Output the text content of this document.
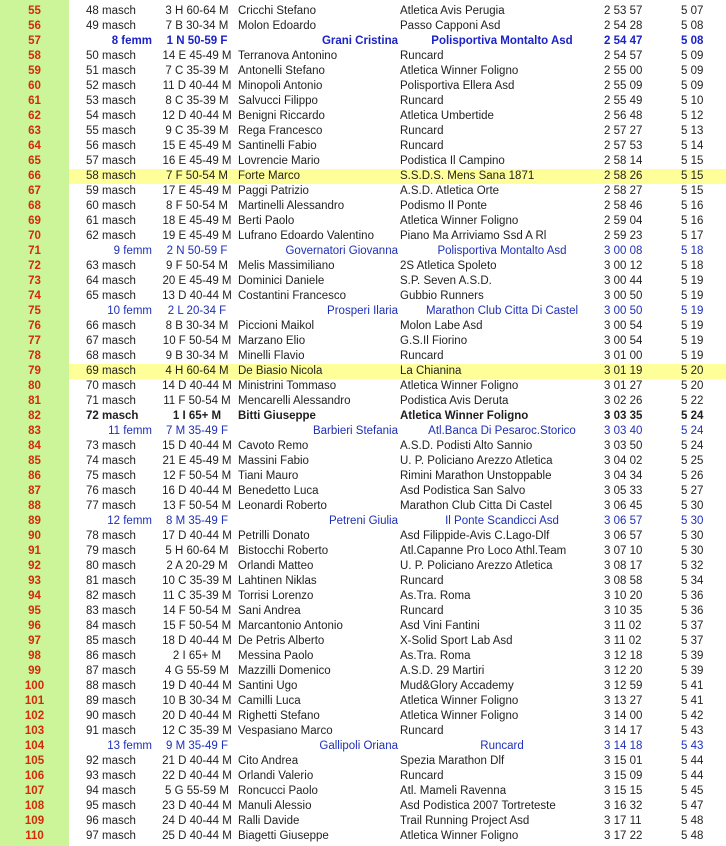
55	48 masch	3 H 60-64 M Cricchi Stefano	Atletica Avis Perugia	2 53 57	5 07
56	49 masch	7 B 30-34 M Molon Edoardo	Passo Capponi Asd	2 54 28	5 08
57	8 femm	1 N 50-59 F	Grani Cristina	Polisportiva Montalto Asd	2 54 47	5 08
58	50 masch	14 E 45-49 M Terranova Antonino	Runcard	2 54 57	5 09
59	51 masch	7 C 35-39 M Antonelli Stefano	Atletica Winner Foligno	2 55 00	5 09
60	52 masch	11 D 40-44 M Minopoli Antonio	Polisportiva Ellera Asd	2 55 09	5 09
61	53 masch	8 C 35-39 M Salvucci Filippo	Runcard	2 55 49	5 10
62	54 masch	12 D 40-44 M Benigni Riccardo	Atletica Umbertide	2 56 48	5 12
63	55 masch	9 C 35-39 M Rega Francesco	Runcard	2 57 27	5 13
64	56 masch	15 E 45-49 M Santinelli Fabio	Runcard	2 57 53	5 14
65	57 masch	16 E 45-49 M Lovrencie Mario	Podistica Il Campino	2 58 14	5 15
66	58 masch	7 F 50-54 M Forte Marco	S.S.D.S. Mens Sana 1871	2 58 26	5 15
67	59 masch	17 E 45-49 M Paggi Patrizio	A.S.D. Atletica Orte	2 58 27	5 15
68	60 masch	8 F 50-54 M Martinelli Alessandro	Podismo Il Ponte	2 58 46	5 16
69	61 masch	18 E 45-49 M Berti Paolo	Atletica Winner Foligno	2 59 04	5 16
70	62 masch	19 E 45-49 M Lufrano Edoardo Valentino	Piano Ma Arriviamo Ssd A Rl	2 59 23	5 17
71	9 femm	2 N 50-59 F	Governatori Giovanna	Polisportiva Montalto Asd	3 00 08	5 18
72	63 masch	9 F 50-54 M Melis Massimiliano	2S Atletica Spoleto	3 00 12	5 18
73	64 masch	20 E 45-49 M Dominici Daniele	S.P. Seven A.S.D.	3 00 44	5 19
74	65 masch	13 D 40-44 M Costantini Francesco	Gubbio Runners	3 00 50	5 19
75	10 femm	2 L 20-34 F	Prosperi Ilaria	Marathon Club Citta Di Castel	3 00 50	5 19
76	66 masch	8 B 30-34 M Piccioni Maikol	Molon Labe Asd	3 00 54	5 19
77	67 masch	10 F 50-54 M Marzano Elio	G.S.Il Fiorino	3 00 54	5 19
78	68 masch	9 B 30-34 M Minelli Flavio	Runcard	3 01 00	5 19
79	69 masch	4 H 60-64 M De Biasio Nicola	La Chianina	3 01 19	5 20
80	70 masch	14 D 40-44 M Ministrini Tommaso	Atletica Winner Foligno	3 01 27	5 20
81	71 masch	11 F 50-54 M Mencarelli Alessandro	Podistica Avis Deruta	3 02 26	5 22
82	72 masch	1 I 65+ M	Bitti Giuseppe	Atletica Winner Foligno	3 03 35	5 24
83	11 femm	7 M 35-49 F	Barbieri Stefania	Atl.Banca Di Pesaroc.Storico	3 03 40	5 24
84	73 masch	15 D 40-44 M Cavoto Remo	A.S.D. Podisti Alto Sannio	3 03 50	5 24
85	74 masch	21 E 45-49 M Massini Fabio	U. P. Policiano Arezzo Atletica	3 04 02	5 25
86	75 masch	12 F 50-54 M Tiani Mauro	Rimini Marathon Unstoppable	3 04 34	5 26
87	76 masch	16 D 40-44 M Benedetto Luca	Asd Podistica San Salvo	3 05 33	5 27
88	77 masch	13 F 50-54 M Leonardi Roberto	Marathon Club Citta Di Castel	3 06 45	5 30
89	12 femm	8 M 35-49 F	Petreni Giulia	Il Ponte Scandicci Asd	3 06 57	5 30
90	78 masch	17 D 40-44 M Petrilli Donato	Asd Filippide-Avis C.Lago-Dlf	3 06 57	5 30
91	79 masch	5 H 60-64 M Bistocchi Roberto	Atl.Capanne Pro Loco Athl.Team	3 07 10	5 30
92	80 masch	2 A 20-29 M Orlandi Matteo	U. P. Policiano Arezzo Atletica	3 08 17	5 32
93	81 masch	10 C 35-39 M Lahtinen Niklas	Runcard	3 08 58	5 34
94	82 masch	11 C 35-39 M Torrisi Lorenzo	As.Tra. Roma	3 10 20	5 36
95	83 masch	14 F 50-54 M Sani Andrea	Runcard	3 10 35	5 36
96	84 masch	15 F 50-54 M Marcantonio Antonio	Asd Vini Fantini	3 11 02	5 37
97	85 masch	18 D 40-44 M De Petris Alberto	X-Solid Sport Lab Asd	3 11 02	5 37
98	86 masch	2 I 65+ M	Messina Paolo	As.Tra. Roma	3 12 18	5 39
99	87 masch	4 G 55-59 M Mazzilli Domenico	A.S.D. 29 Martiri	3 12 20	5 39
100	88 masch	19 D 40-44 M Santini Ugo	Mud&Glory Accademy	3 12 59	5 41
101	89 masch	10 B 30-34 M Camilli Luca	Atletica Winner Foligno	3 13 27	5 41
102	90 masch	20 D 40-44 M Righetti Stefano	Atletica Winner Foligno	3 14 00	5 42
103	91 masch	12 C 35-39 M Vespasiano Marco	Runcard	3 14 17	5 43
104	13 femm	9 M 35-49 F	Gallipoli Oriana	Runcard	3 14 18	5 43
105	92 masch	21 D 40-44 M Cito Andrea	Spezia Marathon Dlf	3 15 01	5 44
106	93 masch	22 D 40-44 M Orlandi Valerio	Runcard	3 15 09	5 44
107	94 masch	5 G 55-59 M Roncucci Paolo	Atl. Mameli Ravenna	3 15 15	5 45
108	95 masch	23 D 40-44 M Manuli Alessio	Asd Podistica 2007 Tortreteste	3 16 32	5 47
109	96 masch	24 D 40-44 M Ralli Davide	Trail Running Project Asd	3 17 11	5 48
110	97 masch	25 D 40-44 M Biagetti Giuseppe	Atletica Winner Foligno	3 17 22	5 48
